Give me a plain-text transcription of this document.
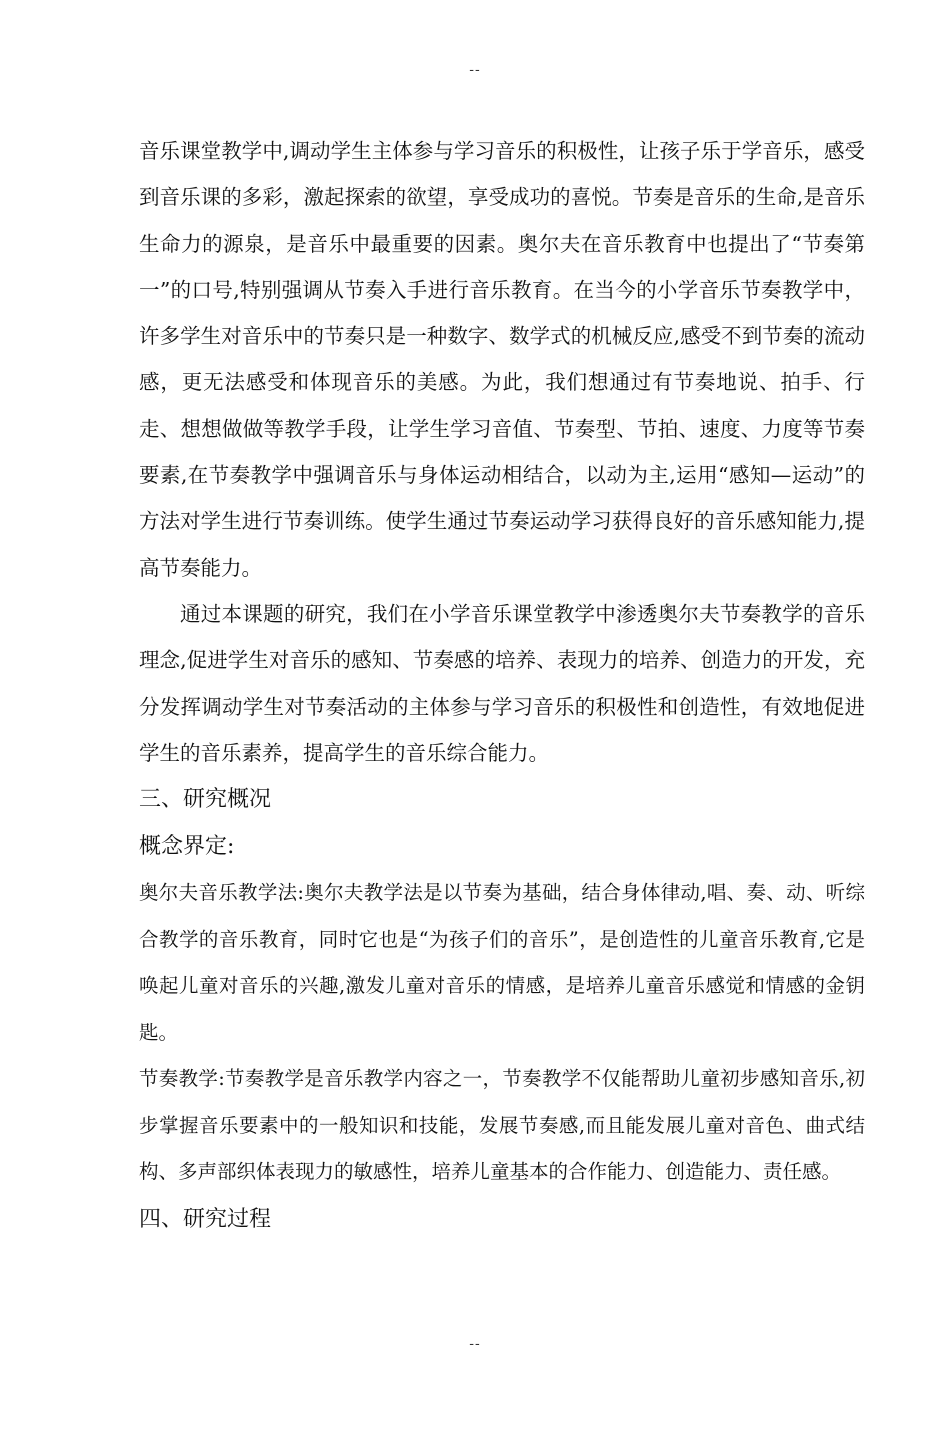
--

音乐课堂教学中,调动学生主体参与学习音乐的积极性，让孩子乐于学音乐，感受到音乐课的多彩，激起探索的欲望，享受成功的喜悦。节奏是音乐的生命,是音乐生命力的源泉，是音乐中最重要的因素。奥尔夫在音乐教育中也提出了“节奏第一”的口号,特别强调从节奏入手进行音乐教育。在当今的小学音乐节奏教学中，许多学生对音乐中的节奏只是一种数字、数学式的机械反应,感受不到节奏的流动感，更无法感受和体现音乐的美感。为此，我们想通过有节奏地说、拍手、行走、想想做做等教学手段，让学生学习音值、节奏型、节拍、速度、力度等节奏要素,在节奏教学中强调音乐与身体运动相结合，以动为主,运用“感知—运动”的方法对学生进行节奏训练。使学生通过节奏运动学习获得良好的音乐感知能力,提高节奏能力。

通过本课题的研究，我们在小学音乐课堂教学中渗透奥尔夫节奏教学的音乐理念,促进学生对音乐的感知、节奏感的培养、表现力的培养、创造力的开发，充分发挥调动学生对节奏活动的主体参与学习音乐的积极性和创造性，有效地促进学生的音乐素养，提高学生的音乐综合能力。

三、研究概况

概念界定:

奥尔夫音乐教学法:奥尔夫教学法是以节奏为基础，结合身体律动,唱、奏、动、听综合教学的音乐教育，同时它也是“为孩子们的音乐”，是创造性的儿童音乐教育,它是唤起儿童对音乐的兴趣,激发儿童对音乐的情感，是培养儿童音乐感觉和情感的金钥匙。

节奏教学:节奏教学是音乐教学内容之一，节奏教学不仅能帮助儿童初步感知音乐,初步掌握音乐要素中的一般知识和技能，发展节奏感,而且能发展儿童对音色、曲式结构、多声部织体表现力的敏感性，培养儿童基本的合作能力、创造能力、责任感。

四、研究过程

--
